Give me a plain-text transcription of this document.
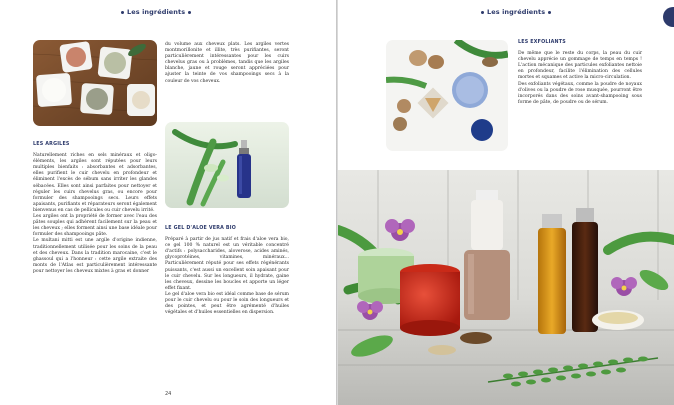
Les ingrédients
LES ARGILES

Naturellement riches en sels minéraux et oligo-éléments, les argiles sont réputées pour leurs multiples bienfaits : absorbantes et adsorbantes, elles purifient le cuir chevelu en profondeur et éliminent l'excès de sébum sans irriter les glandes sébacées. Elles sont ainsi parfaites pour nettoyer et réguler les cuirs chevelus gras, ou encore pour formuler des shampooings secs. Leurs effets apaisants, purifiants et réparateurs seront également bienvenus en cas de pellicules ou cuir chevelu irrité.

Les argiles ont la propriété de former avec l'eau des pâtes souples qui adhèrent facilement sur la peau et les cheveux ; elles forment ainsi une base idéale pour formuler des shampooings pâte.

Le multani mitti est une argile d'origine indienne, traditionnellement utilisée pour les soins de la peau et des cheveux. Dans la tradition marocaine, c'est le ghassoul qui a l'honneur : cette argile extraite des monts de l'Atlas est particulièrement intéressante pour nettoyer les cheveux mixtes à gras et donner

du volume aux cheveux plats. Les argiles vertes montmorillonite et illite, très purifiantes, seront particulièrement intéressantes pour les cuirs chevelus gras ou à problèmes, tandis que les argiles blanche, jaune et rouge seront appréciées pour ajuster la teinte de vos shampooings secs à la couleur de vos cheveux.

LE GEL D'ALOE VERA BIO

Préparé à partir de jus natif et frais d'aloe vera bio, ce gel 100 % naturel est un véritable concentré d'actifs : polysaccharides, aloverose, acides aminés, glycoprotéines, vitamines, minéraux... Particulièrement réputé pour ses effets régénérants puissants, c'est aussi un excellent soin apaisant pour le cuir chevelu. Sur les longueurs, il hydrate, gaine les cheveux, dessine les boucles et apporte un léger effet fixant.

Le gel d'aloe vera bio est idéal comme base de sérum pour le cuir chevelu ou pour le soin des longueurs et des pointes, et peut être agrémenté d'huiles végétales et d'huiles essentielles en dispersion.

24
Les ingrédients
LES EXFOLIANTS

De même que le reste du corps, la peau du cuir chevelu apprécie un gommage de temps en temps ! L'action mécanique des particules exfoliantes nettoie en profondeur, facilite l'élimination des cellules mortes et squames et active la micro-circulation.

Des exfoliants végétaux, comme la poudre de noyaux d'olives ou la poudre de rose musquée, pourront être incorporés dans des soins avant-shampooing sous forme de pâte, de poudre ou de sérum.
